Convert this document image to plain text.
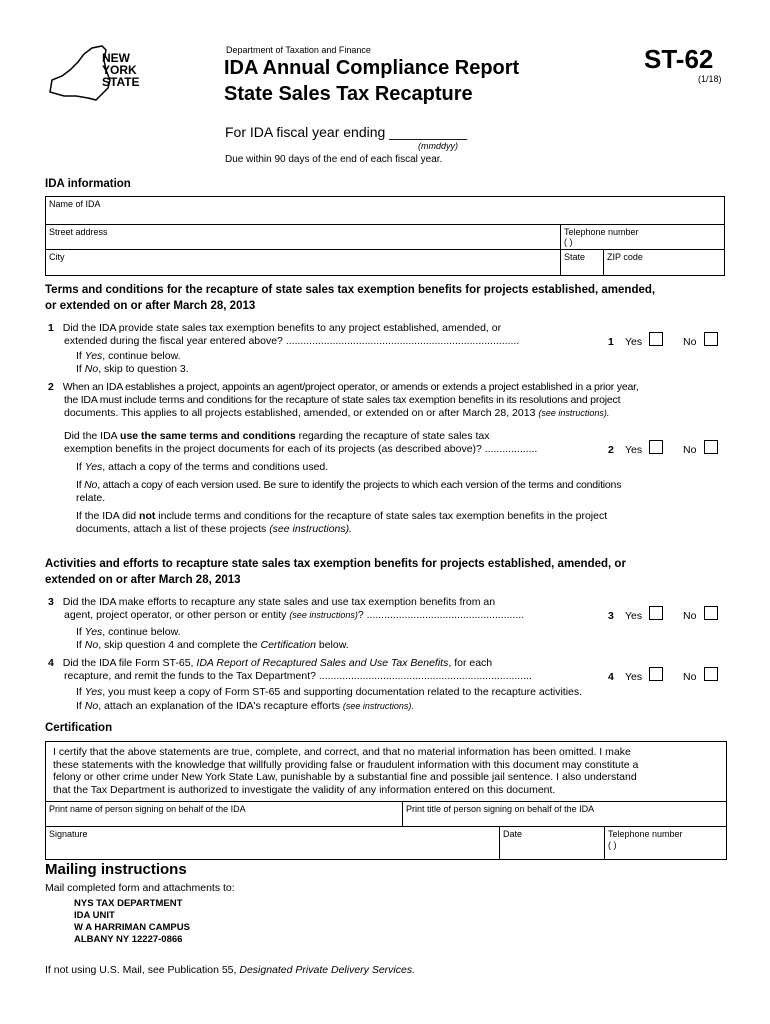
NEW
YORK
STATE
Department of Taxation and Finance
IDA Annual Compliance Report
State Sales Tax Recapture
ST-62
(1/18)
For IDA fiscal year ending __________
(mmddyy)
Due within 90 days of the end of each fiscal year.
IDA information
Name of IDA
Street address	Telephone number
( )
City	State ZIP code
Terms and conditions for the recapture of state sales tax exemption benefits for projects established, amended,
or extended on or after March 28, 2013
1 Did the IDA provide state sales tax exemption benefits to any project established, amended, or
extended during the fiscal year entered above? ................................................................................	1 Yes	No
If Yes, continue below.
If No, skip to question 3.
2 When an IDA establishes a project, appoints an agent/project operator, or amends or extends a project established in a prior year,
the IDA must include terms and conditions for the recapture of state sales tax exemption benefits in its resolutions and project
documents. This applies to all projects established, amended, or extended on or after March 28, 2013 (see instructions).
Did the IDA use the same terms and conditions regarding the recapture of state sales tax
exemption benefits in the project documents for each of its projects (as described above)? ..................	2 Yes	No
If Yes, attach a copy of the terms and conditions used.
If No, attach a copy of each version used. Be sure to identify the projects to which each version of the terms and conditions
relate.
If the IDA did not include terms and conditions for the recapture of state sales tax exemption benefits in the project
documents, attach a list of these projects (see instructions).
Activities and efforts to recapture state sales tax exemption benefits for projects established, amended, or
extended on or after March 28, 2013
3 Did the IDA make efforts to recapture any state sales and use tax exemption benefits from an
agent, project operator, or other person or entity (see instructions)? ......................................................	3 Yes	No
If Yes, continue below.
If No, skip question 4 and complete the Certification below.
4 Did the IDA file Form ST-65, IDA Report of Recaptured Sales and Use Tax Benefits, for each
recapture, and remit the funds to the Tax Department? .........................................................................	4 Yes	No
If Yes, you must keep a copy of Form ST-65 and supporting documentation related to the recapture activities.
If No, attach an explanation of the IDA's recapture efforts (see instructions).
Certification
I certify that the above statements are true, complete, and correct, and that no material information has been omitted. I make
these statements with the knowledge that willfully providing false or fraudulent information with this document may constitute a
felony or other crime under New York State Law, punishable by a substantial fine and possible jail sentence. I also understand
that the Tax Department is authorized to investigate the validity of any information entered on this document.
Print name of person signing on behalf of the IDA	Print title of person signing on behalf of the IDA
Signature	Date	Telephone number
( )
Mailing instructions
Mail completed form and attachments to:
NYS TAX DEPARTMENT
IDA UNIT
W A HARRIMAN CAMPUS
ALBANY NY 12227-0866
If not using U.S. Mail, see Publication 55, Designated Private Delivery Services.
